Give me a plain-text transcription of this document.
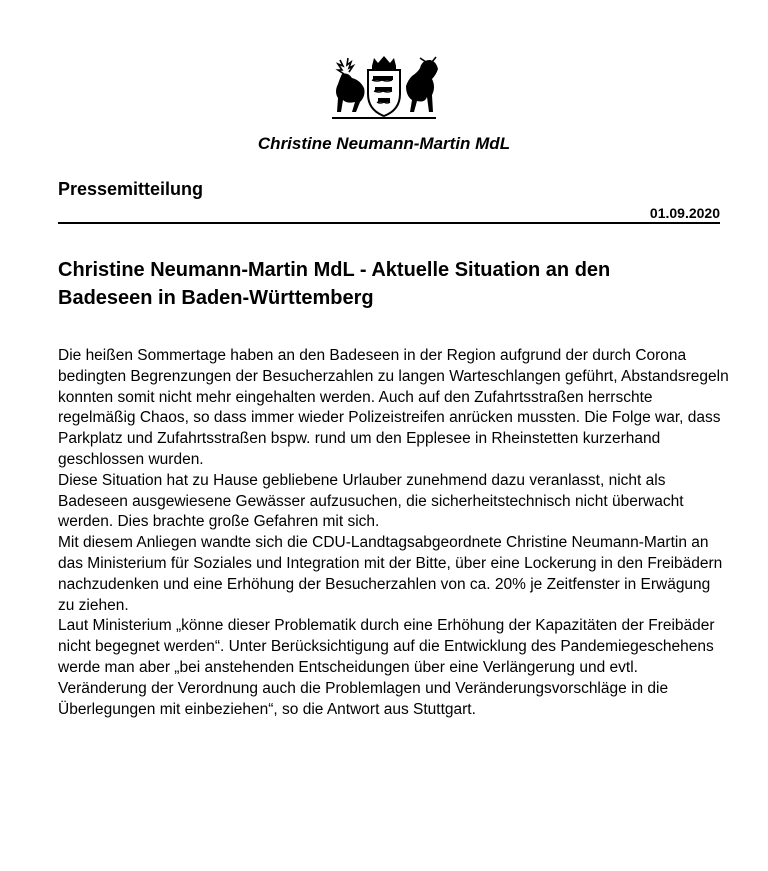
Christine Neumann-Martin MdL
Pressemitteilung
01.09.2020
Christine Neumann-Martin MdL - Aktuelle Situation an den
Badeseen in Baden-Württemberg

Die heißen Sommertage haben an den Badeseen in der Region aufgrund der durch Corona bedingten Begrenzungen der Besucherzahlen zu langen Warteschlangen geführt, Abstandsregeln konnten somit nicht mehr eingehalten werden. Auch auf den Zufahrtsstraßen herrschte regelmäßig Chaos, so dass immer wieder Polizeistreifen anrücken mussten. Die Folge war, dass Parkplatz und Zufahrtsstraßen bspw. rund um den Epplesee in Rheinstetten kurzerhand geschlossen wurden.

Diese Situation hat zu Hause gebliebene Urlauber zunehmend dazu veranlasst, nicht als Badeseen ausgewiesene Gewässer aufzusuchen, die sicherheitstechnisch nicht überwacht werden. Dies brachte große Gefahren mit sich.

Mit diesem Anliegen wandte sich die CDU-Landtagsabgeordnete Christine Neumann-Martin an das Ministerium für Soziales und Integration mit der Bitte, über eine Lockerung in den Freibädern nachzudenken und eine Erhöhung der Besucherzahlen von ca. 20% je Zeitfenster in Erwägung zu ziehen.

Laut Ministerium „könne dieser Problematik durch eine Erhöhung der Kapazitäten der Freibäder nicht begegnet werden“. Unter Berücksichtigung auf die Entwicklung des Pandemiegeschehens werde man aber „bei anstehenden Entscheidungen über eine Verlängerung und evtl. Veränderung der Verordnung auch die Problemlagen und Veränderungsvorschläge in die Überlegungen mit einbeziehen“, so die Antwort aus Stuttgart.
